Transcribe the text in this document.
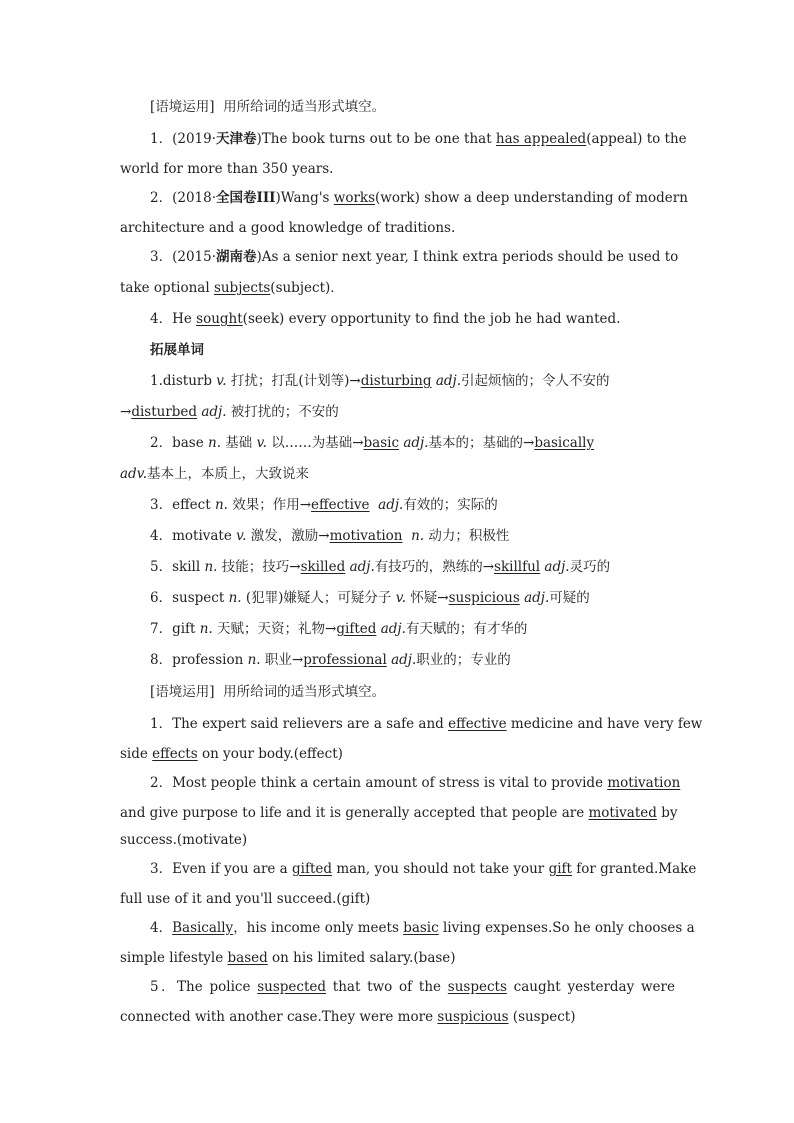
[语境运用] 用所给词的适当形式填空。
1．(2019·天津卷)The book turns out to be one that has appealed(appeal) to the
world for more than 350 years.
2．(2018·全国卷III)Wang's works(work) show a deep understanding of modern
architecture and a good knowledge of traditions.
3．(2015·湖南卷)As a senior next year, I think extra periods should be used to
take optional subjects(subject)．
4．He sought(seek) every opportunity to find the job he had wanted.
拓展单词
1.disturb v. 打扰；打乱(计划等)→disturbing adj.引起烦恼的；令人不安的
→disturbed adj. 被打扰的；不安的
2．base n. 基础 v. 以……为基础→basic adj.基本的；基础的→basically
adv.基本上，本质上，大致说来
3．effect n. 效果；作用→effective adj.有效的；实际的
4．motivate v. 激发，激励→motivation n. 动力；积极性
5．skill n. 技能；技巧→skilled adj.有技巧的，熟练的→skillful adj.灵巧的
6．suspect n. (犯罪)嫌疑人；可疑分子 v. 怀疑→suspicious adj.可疑的
7．gift n. 天赋；天资；礼物→gifted adj.有天赋的；有才华的
8．profession n. 职业→professional adj.职业的；专业的
[语境运用] 用所给词的适当形式填空。
1．The expert said relievers are a safe and effective medicine and have very few
side effects on your body.(effect)
2．Most people think a certain amount of stress is vital to provide motivation
and give purpose to life and it is generally accepted that people are motivated by
success.(motivate)
3．Even if you are a gifted man, you should not take your gift for granted.Make
full use of it and you'll succeed.(gift)
4．Basically，his income only meets basic living expenses.So he only chooses a
simple lifestyle based on his limited salary.(base)
5．The police suspected that two of the suspects caught yesterday were
connected with another case.They were more suspicious (suspect)
